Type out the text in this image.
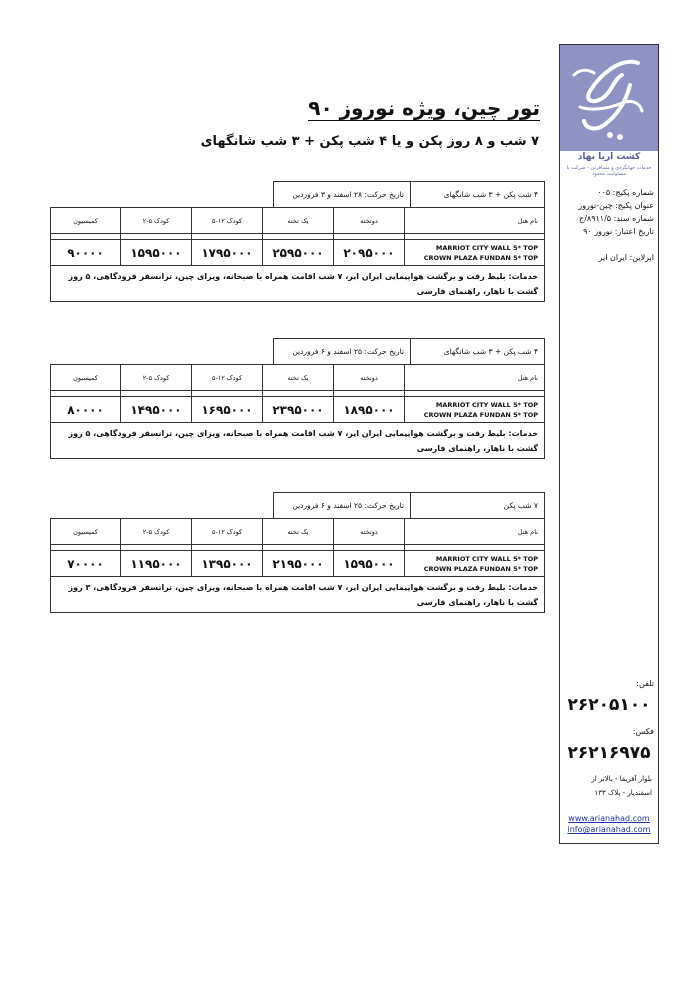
تور چین، ویژه نوروز ۹۰
۷ شب و ۸ روز پکن و یا ۴ شب پکن + ۳ شب شانگهای
کشت اریا نهاد
خدمات جهانگردی و مسافرتی - شرکت با مسئولیت محدود
شماره پکیج: ۰۰۵
عنوان پکیج: چین-نوروز
شماره سند: ۸۹۱۱/۵/ج
تاریخ اعتبار: نوروز ۹۰
ایرلاین: ایران ایر
تلفن:
۲۶۲۰۵۱۰۰
فکس:
۲۶۲۱۶۹۷۵
بلوار آفریقا - بالاتر از
اسفندیار - پلاک ۱۳۳
www.arianahad.com
info@arianahad.com
۴ شب پکن + ۳ شب شانگهای
تاریخ حرکت: ۲۸ اسفند و ۳ فروردین
نام هتل
دوتخته
یک تخته
کودک ۱۲-۵
کودک ۵-۲
کمیسیون
MARRIOT CITY WALL 5* TOP
CROWN PLAZA FUNDAN 5* TOP
۲۰۹۵۰۰۰
۲۵۹۵۰۰۰
۱۷۹۵۰۰۰
۱۵۹۵۰۰۰
۹۰۰۰۰
خدمات: بلیط رفت و برگشت هواپیمایی ایران ایر، ۷ شب اقامت همراه با صبحانه، ویزای چین، ترانسفر فرودگاهی، ۵ روز گشت با ناهار، راهنمای فارسی
۴ شب پکن + ۳ شب شانگهای
تاریخ حرکت: ۲۵ اسفند و ۶ فروردین
نام هتل
دوتخته
یک تخته
کودک ۱۲-۵
کودک ۵-۲
کمیسیون
MARRIOT CITY WALL 5* TOP
CROWN PLAZA FUNDAN 5* TOP
۱۸۹۵۰۰۰
۲۳۹۵۰۰۰
۱۶۹۵۰۰۰
۱۴۹۵۰۰۰
۸۰۰۰۰
خدمات: بلیط رفت و برگشت هواپیمایی ایران ایر، ۷ شب اقامت همراه با صبحانه، ویزای چین، ترانسفر فرودگاهی، ۵ روز گشت با ناهار، راهنمای فارسی
۷ شب پکن
تاریخ حرکت: ۲۵ اسفند و ۶ فروردین
نام هتل
دوتخته
یک تخته
کودک ۱۲-۵
کودک ۵-۲
کمیسیون
MARRIOT CITY WALL 5* TOP
CROWN PLAZA FUNDAN 5* TOP
۱۵۹۵۰۰۰
۲۱۹۵۰۰۰
۱۳۹۵۰۰۰
۱۱۹۵۰۰۰
۷۰۰۰۰
خدمات: بلیط رفت و برگشت هواپیمایی ایران ایر، ۷ شب اقامت همراه با صبحانه، ویزای چین، ترانسفر فرودگاهی، ۳ روز گشت با ناهار، راهنمای فارسی
